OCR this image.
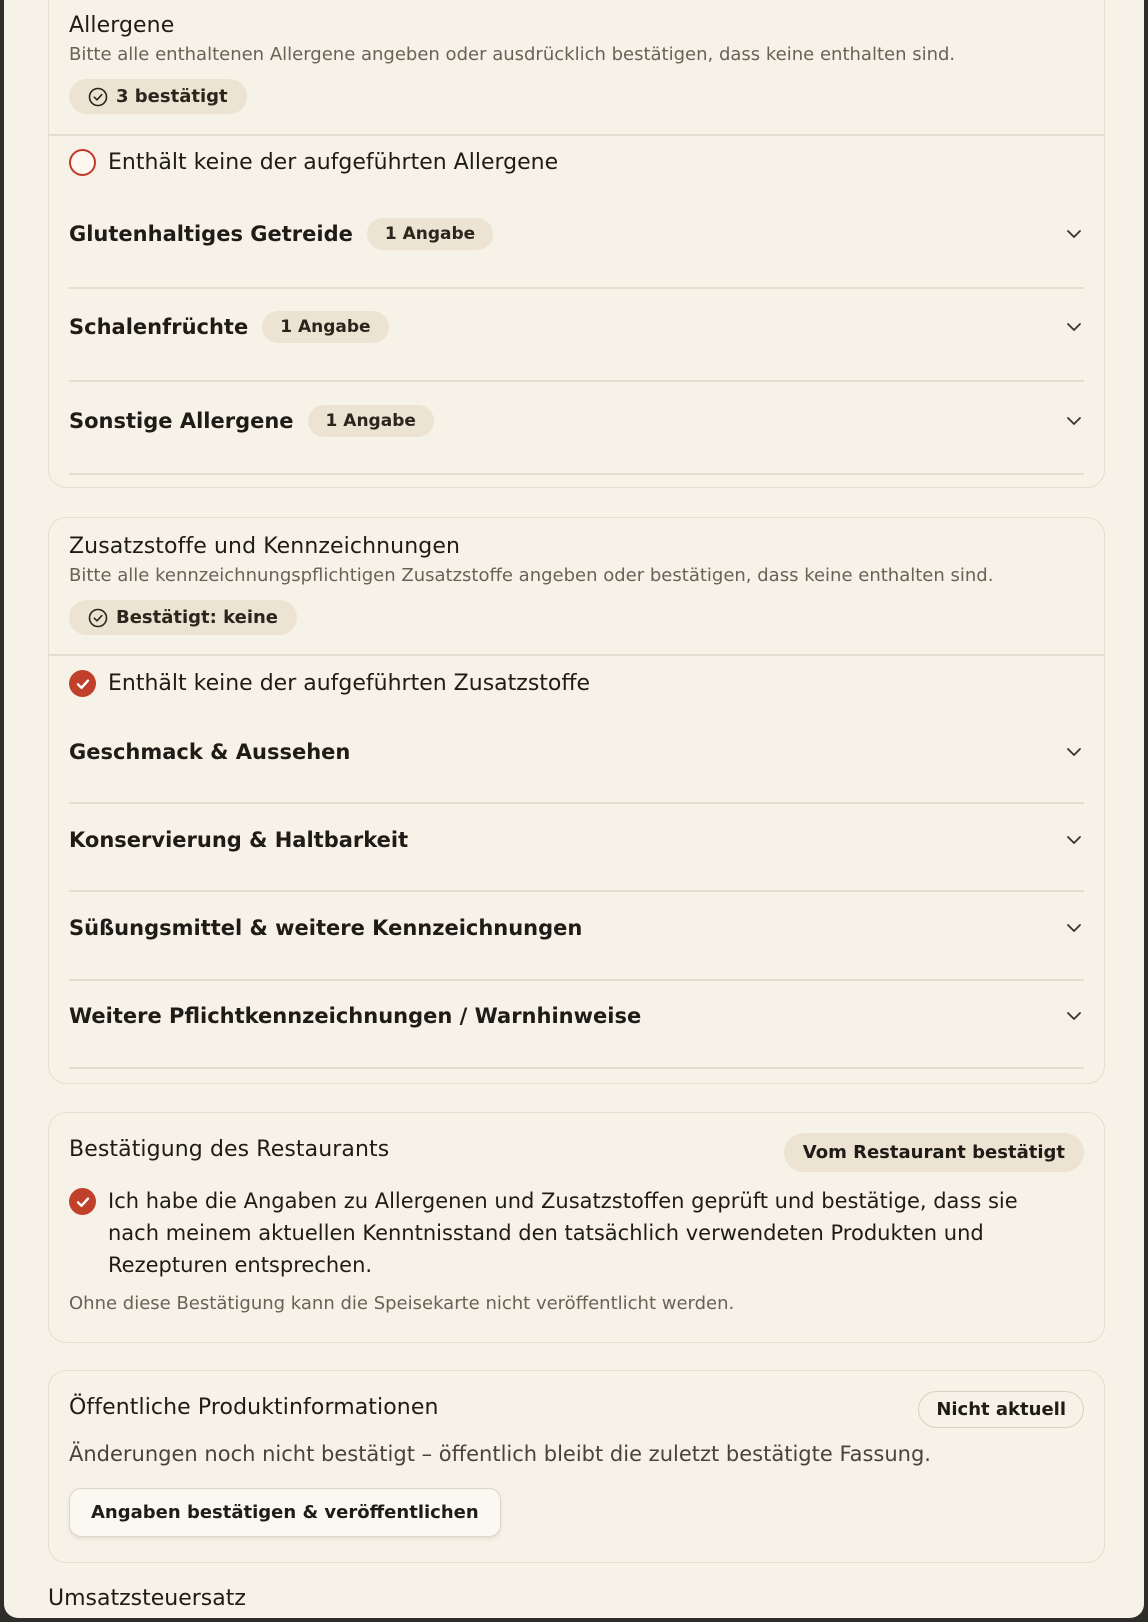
Allergene
Bitte alle enthaltenen Allergene angeben oder ausdrücklich bestätigen, dass keine enthalten sind.
3 bestätigt
Enthält keine der aufgeführten Allergene
Glutenhaltiges Getreide	1 Angabe
Schalenfrüchte	1 Angabe
Sonstige Allergene	1 Angabe
Zusatzstoffe und Kennzeichnungen
Bitte alle kennzeichnungspflichtigen Zusatzstoffe angeben oder bestätigen, dass keine enthalten sind.
Bestätigt: keine
Enthält keine der aufgeführten Zusatzstoffe
Geschmack & Aussehen
Konservierung & Haltbarkeit
Süßungsmittel & weitere Kennzeichnungen
Weitere Pflichtkennzeichnungen / Warnhinweise
Bestätigung des Restaurants	Vom Restaurant bestätigt
Ich habe die Angaben zu Allergenen und Zusatzstoffen geprüft und bestätige, dass sie nach meinem aktuellen Kenntnisstand den tatsächlich verwendeten Produkten und Rezepturen entsprechen.
Ohne diese Bestätigung kann die Speisekarte nicht veröffentlicht werden.
Öffentliche Produktinformationen	Nicht aktuell
Änderungen noch nicht bestätigt – öffentlich bleibt die zuletzt bestätigte Fassung.
Angaben bestätigen & veröffentlichen
Umsatzsteuersatz
